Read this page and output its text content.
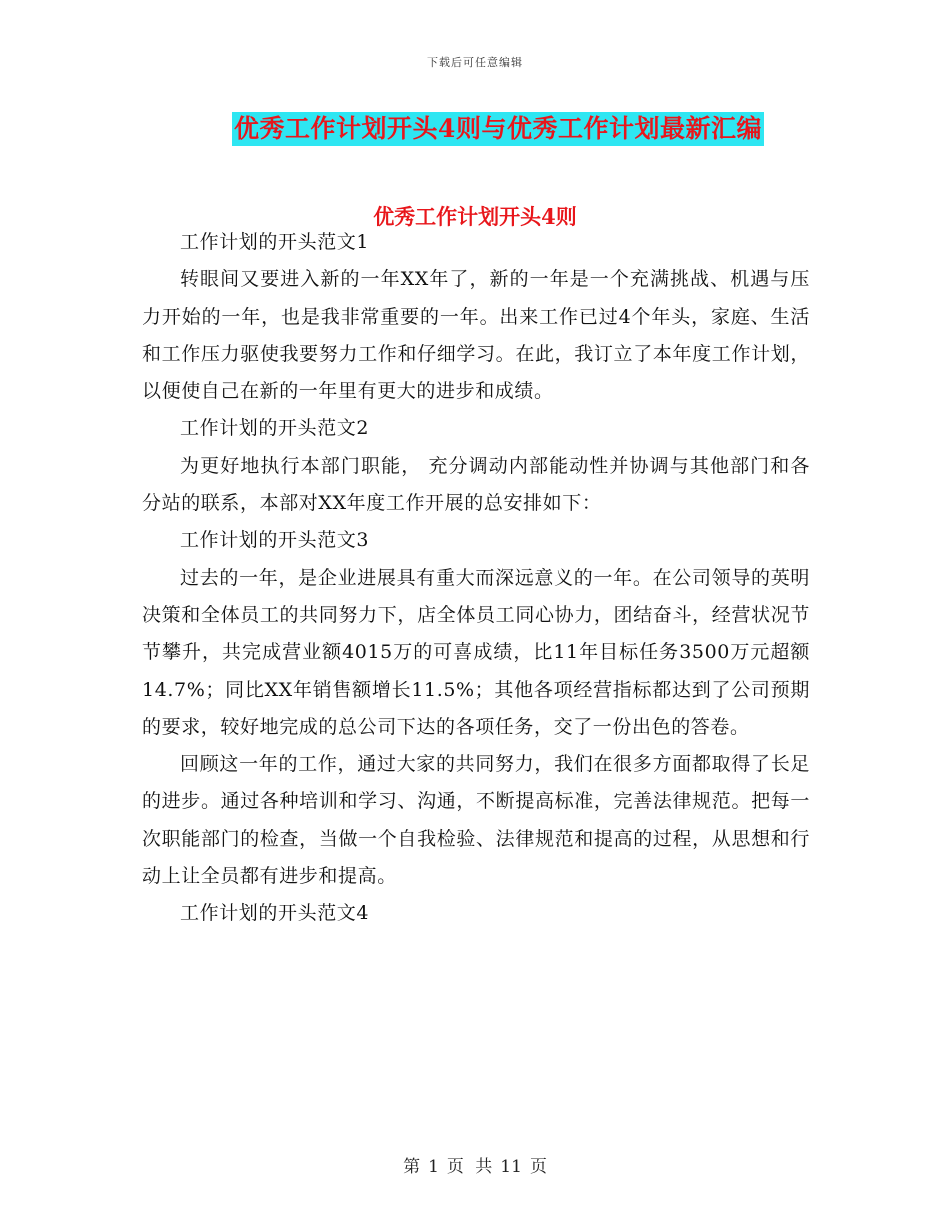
下载后可任意编辑
优秀工作计划开头4则与优秀工作计划最新汇编
优秀工作计划开头4则

工作计划的开头范文1

转眼间又要进入新的一年XX年了，新的一年是一个充满挑战、机遇与压力开始的一年，也是我非常重要的一年。出来工作已过4个年头，家庭、生活和工作压力驱使我要努力工作和仔细学习。在此，我订立了本年度工作计划，以便使自己在新的一年里有更大的进步和成绩。

工作计划的开头范文2

为更好地执行本部门职能， 充分调动内部能动性并协调与其他部门和各分站的联系，本部对XX年度工作开展的总安排如下：

工作计划的开头范文3

过去的一年，是企业进展具有重大而深远意义的一年。在公司领导的英明决策和全体员工的共同努力下，店全体员工同心协力，团结奋斗，经营状况节节攀升，共完成营业额4015万的可喜成绩，比11年目标任务3500万元超额14.7%；同比XX年销售额增长11.5%；其他各项经营指标都达到了公司预期的要求，较好地完成的总公司下达的各项任务，交了一份出色的答卷。

回顾这一年的工作，通过大家的共同努力，我们在很多方面都取得了长足的进步。通过各种培训和学习、沟通，不断提高标准，完善法律规范。把每一次职能部门的检查，当做一个自我检验、法律规范和提高的过程，从思想和行动上让全员都有进步和提高。

工作计划的开头范文4

第 1 页 共 11 页
